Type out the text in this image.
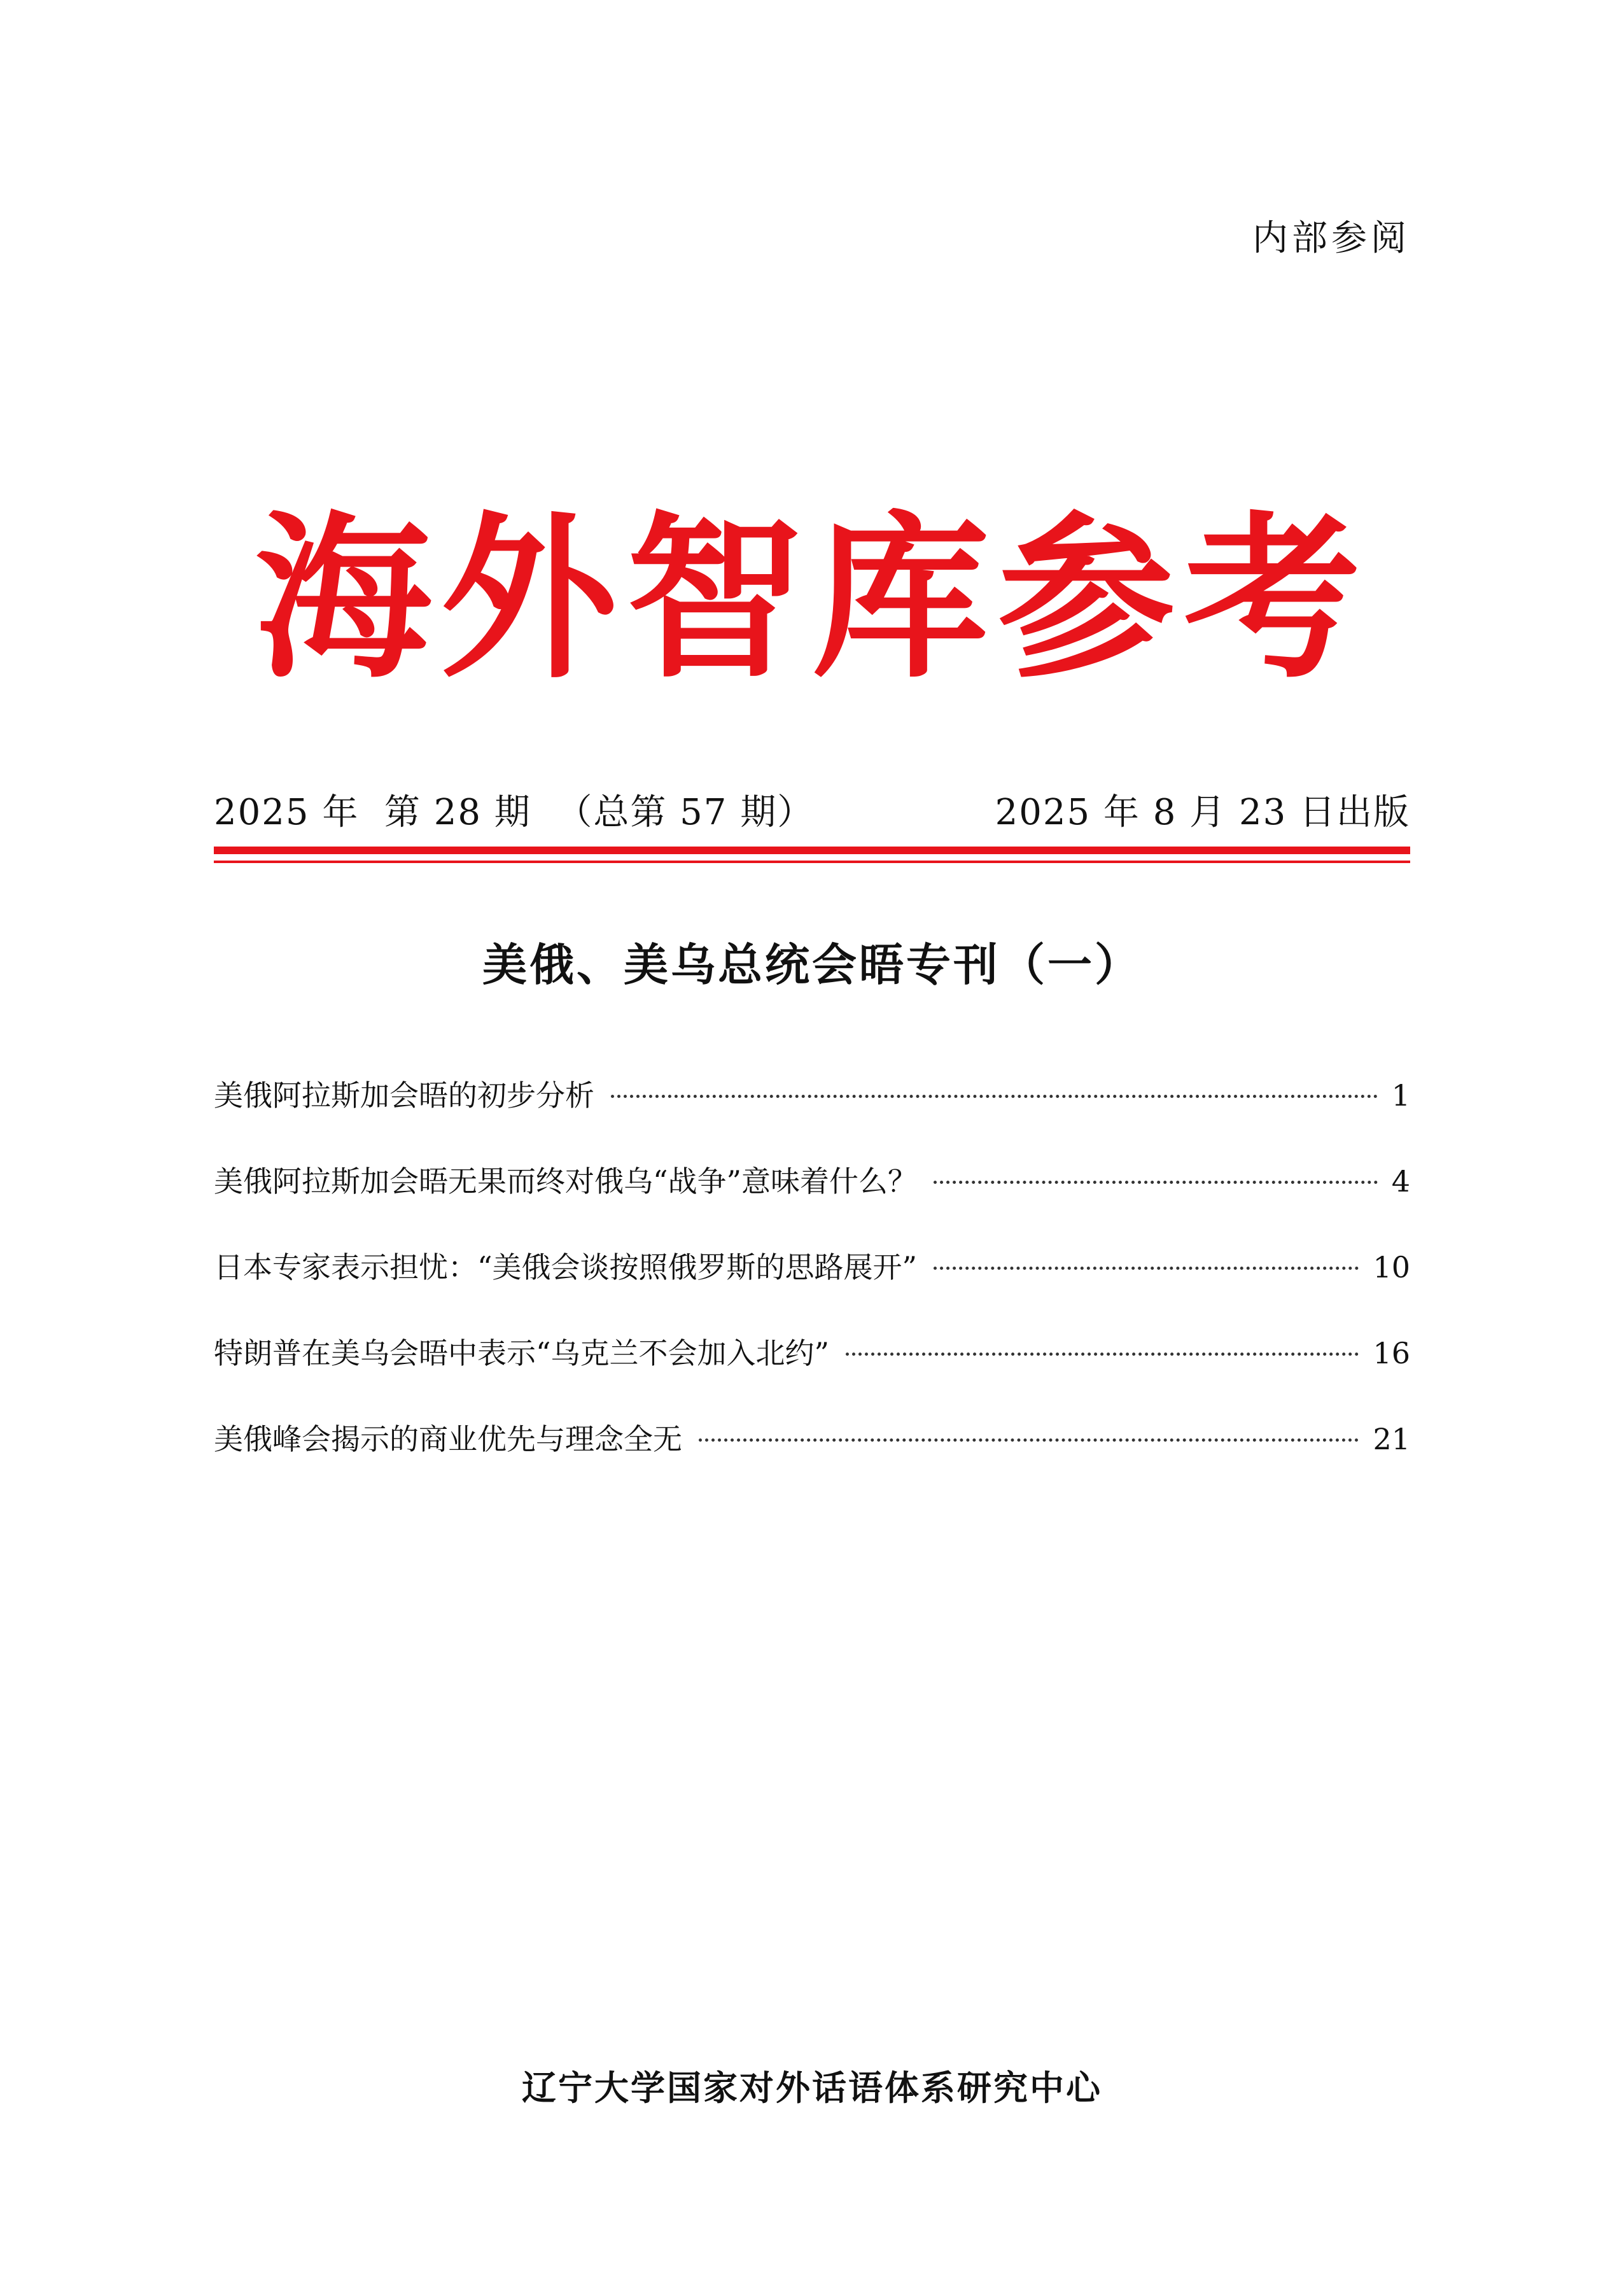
内部参阅
海外智库参考
2025 年  第 28 期  （总第 57 期）	2025 年 8 月 23 日出版
美俄、美乌总统会晤专刊（一）
美俄阿拉斯加会晤的初步分析	1
美俄阿拉斯加会晤无果而终对俄乌“战争”意味着什么？	4
日本专家表示担忧：“美俄会谈按照俄罗斯的思路展开”	10
特朗普在美乌会晤中表示“乌克兰不会加入北约”	16
美俄峰会揭示的商业优先与理念全无	21
辽宁大学国家对外话语体系研究中心
